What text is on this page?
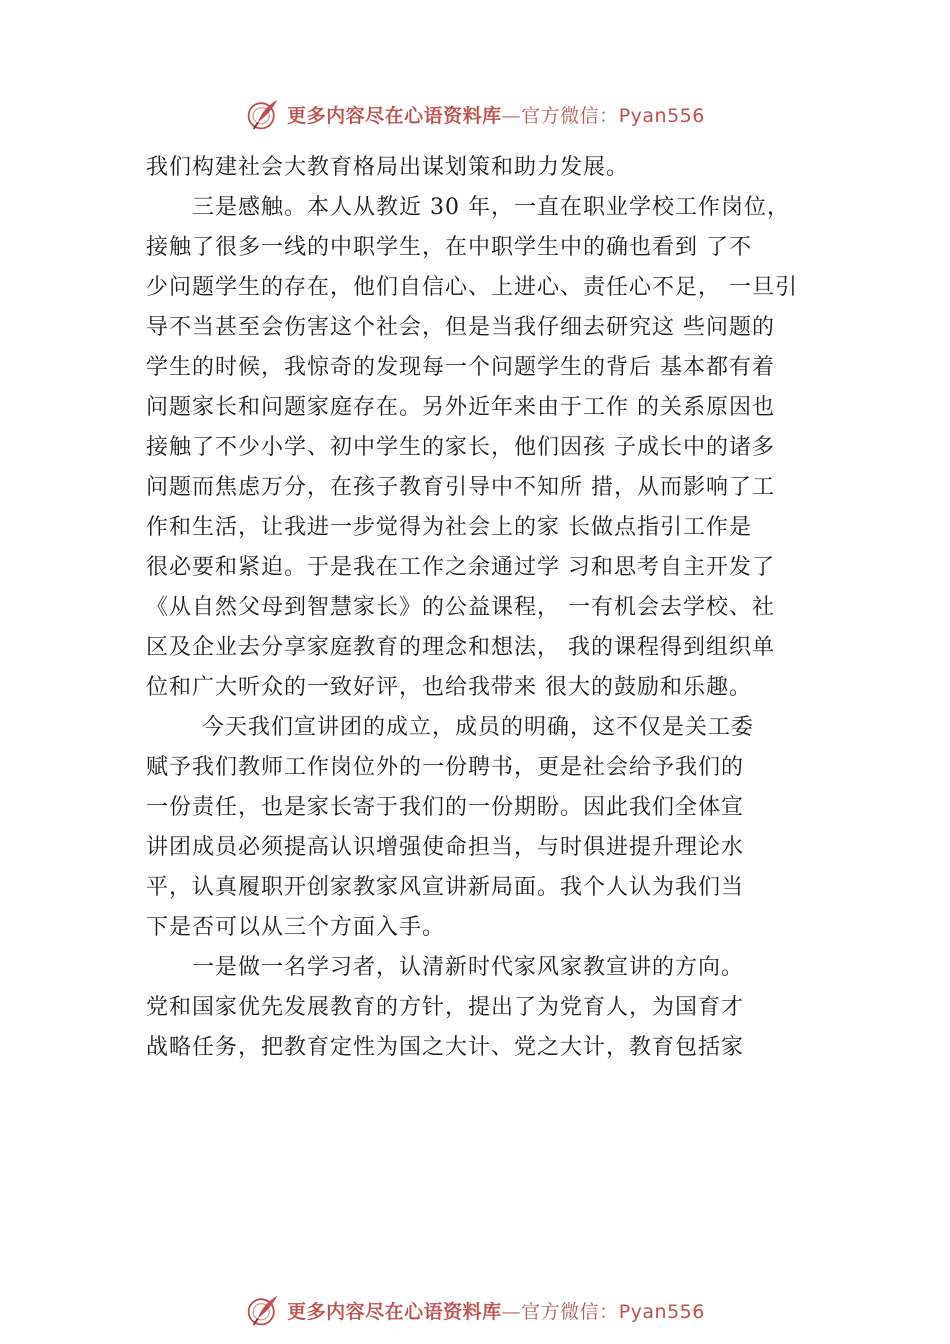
更多内容尽在心语资料库—官方微信：Pyan556
我们构建社会大教育格局出谋划策和助力发展。
三是感触。本人从教近 30 年，一直在职业学校工作岗位，
接触了很多一线的中职学生，在中职学生中的确也看到 了不
少问题学生的存在，他们自信心、上进心、责任心不足， 一旦引
导不当甚至会伤害这个社会，但是当我仔细去研究这 些问题的
学生的时候，我惊奇的发现每一个问题学生的背后 基本都有着
问题家长和问题家庭存在。另外近年来由于工作 的关系原因也
接触了不少小学、初中学生的家长，他们因孩 子成长中的诸多
问题而焦虑万分，在孩子教育引导中不知所 措，从而影响了工
作和生活，让我进一步觉得为社会上的家 长做点指引工作是
很必要和紧迫。于是我在工作之余通过学 习和思考自主开发了
《从自然父母到智慧家长》的公益课程， 一有机会去学校、社
区及企业去分享家庭教育的理念和想法， 我的课程得到组织单
位和广大听众的一致好评，也给我带来 很大的鼓励和乐趣。
今天我们宣讲团的成立，成员的明确，这不仅是关工委
赋予我们教师工作岗位外的一份聘书，更是社会给予我们的
一份责任，也是家长寄于我们的一份期盼。因此我们全体宣
讲团成员必须提高认识增强使命担当，与时俱进提升理论水
平，认真履职开创家教家风宣讲新局面。我个人认为我们当
下是否可以从三个方面入手。
一是做一名学习者，认清新时代家风家教宣讲的方向。
党和国家优先发展教育的方针，提出了为党育人，为国育才
战略任务，把教育定性为国之大计、党之大计，教育包括家
更多内容尽在心语资料库—官方微信：Pyan556
